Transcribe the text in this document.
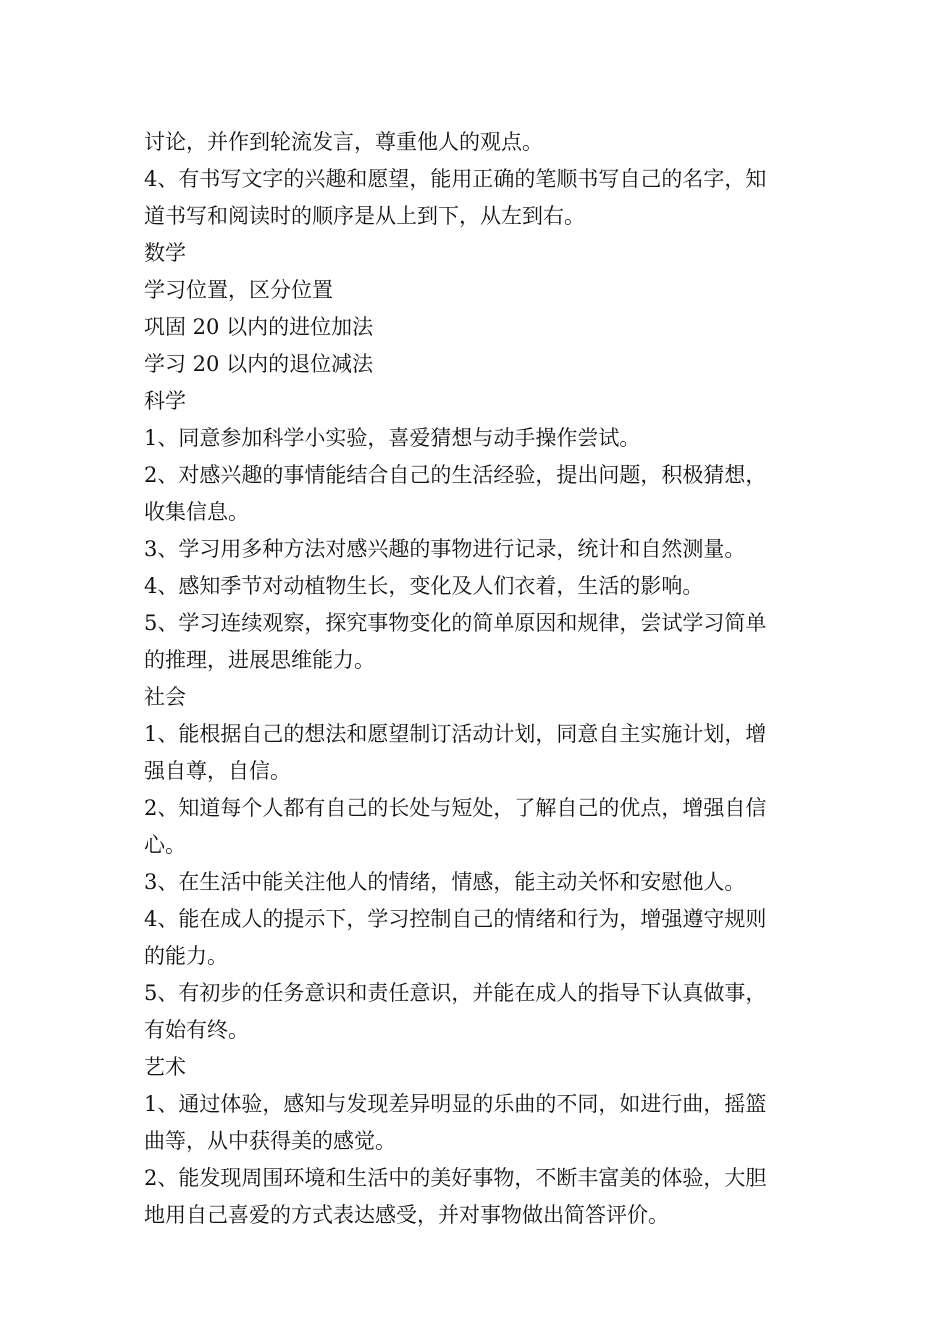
讨论，并作到轮流发言，尊重他人的观点。
4、有书写文字的兴趣和愿望，能用正确的笔顺书写自己的名字，知
道书写和阅读时的顺序是从上到下，从左到右。
数学
学习位置，区分位置
巩固 20 以内的进位加法
学习 20 以内的退位减法
科学
1、同意参加科学小实验，喜爱猜想与动手操作尝试。
2、对感兴趣的事情能结合自己的生活经验，提出问题，积极猜想，
收集信息。
3、学习用多种方法对感兴趣的事物进行记录，统计和自然测量。
4、感知季节对动植物生长，变化及人们衣着，生活的影响。
5、学习连续观察，探究事物变化的简单原因和规律，尝试学习简单
的推理，进展思维能力。
社会
1、能根据自己的想法和愿望制订活动计划，同意自主实施计划，增
强自尊，自信。
2、知道每个人都有自己的长处与短处，了解自己的优点，增强自信
心。
3、在生活中能关注他人的情绪，情感，能主动关怀和安慰他人。
4、能在成人的提示下，学习控制自己的情绪和行为，增强遵守规则
的能力。
5、有初步的任务意识和责任意识，并能在成人的指导下认真做事，
有始有终。
艺术
1、通过体验，感知与发现差异明显的乐曲的不同，如进行曲，摇篮
曲等，从中获得美的感觉。
2、能发现周围环境和生活中的美好事物，不断丰富美的体验，大胆
地用自己喜爱的方式表达感受，并对事物做出简答评价。
